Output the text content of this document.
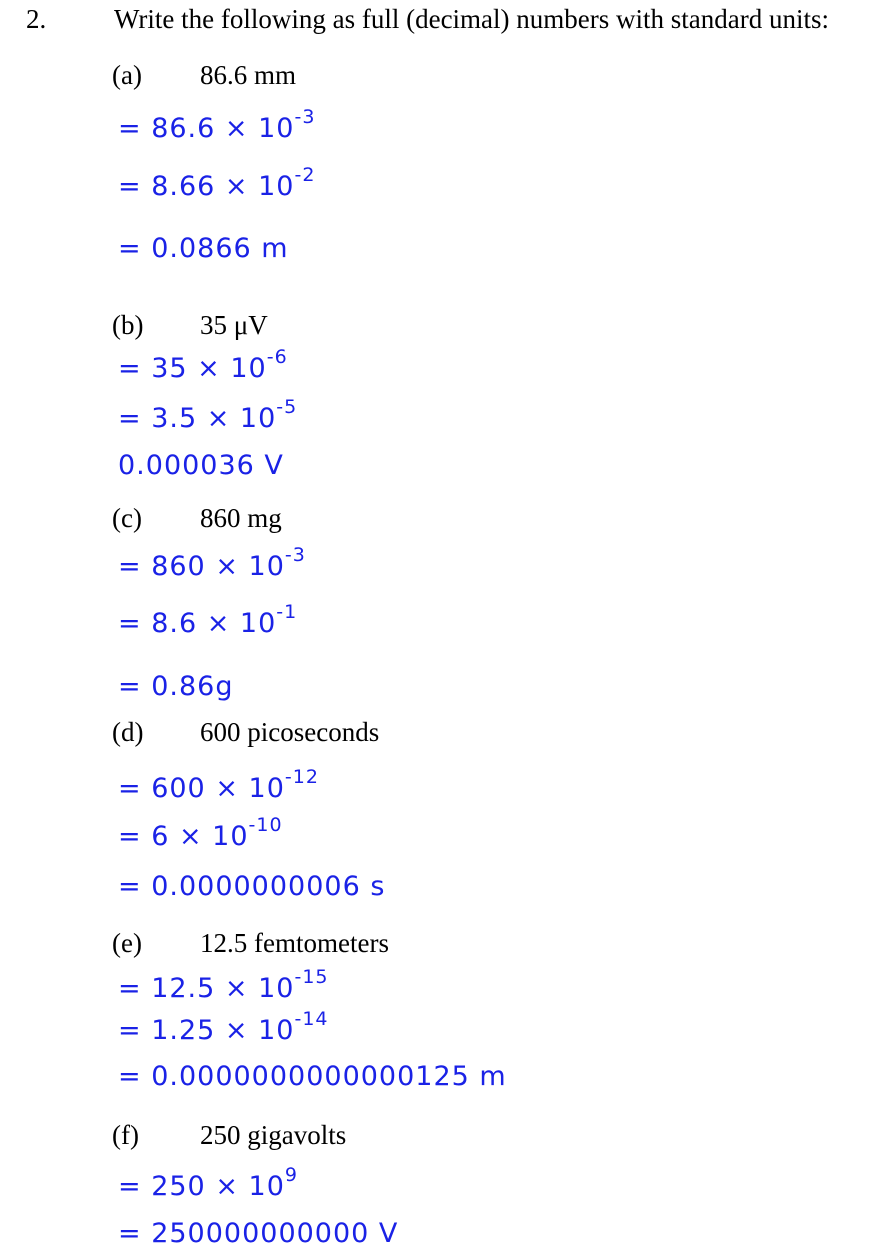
2.	Write the following as full (decimal) numbers with standard units:
(a) 86.6 mm
= $86.6 \times 10^{-3}$
= $8.66 \times 10^{-2}$
= 0.0866 m
(b) 35 μV
= $35 \times 10^{-6}$
= $3.5 \times 10^{-5}$
0.000036 V
(c) 860 mg
= $860 \times 10^{-3}$
= $8.6 \times 10^{-1}$
= 0.86g
(d) 600 picoseconds
= $600 \times 10^{-12}$
= $6 \times 10^{-10}$
= 0.0000000006 s
(e) 12.5 femtometers
= $12.5 \times 10^{-15}$
= $1.25 \times 10^{-14}$
= 0.0000000000000125 m
(f) 250 gigavolts
= $250 \times 10^9$
= 250000000000 V
